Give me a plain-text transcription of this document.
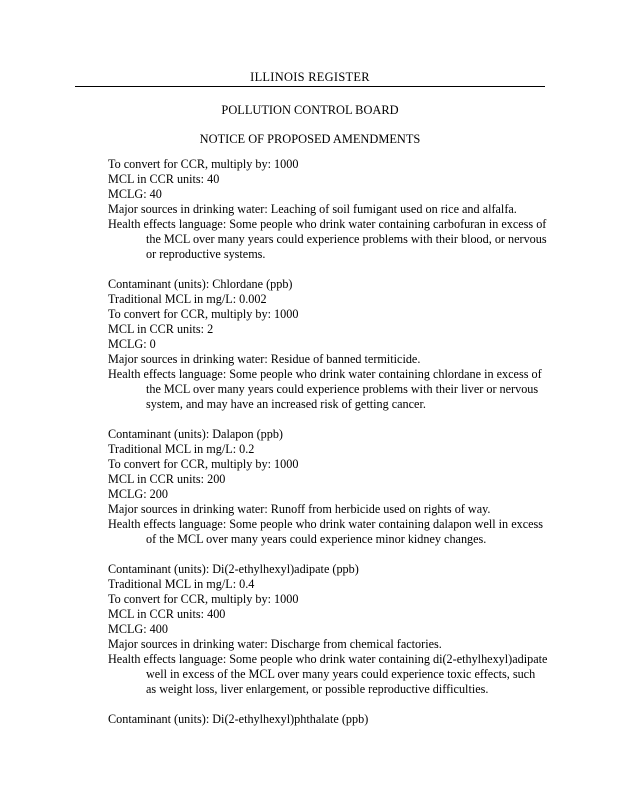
ILLINOIS REGISTER
POLLUTION CONTROL BOARD
NOTICE OF PROPOSED AMENDMENTS

To convert for CCR, multiply by: 1000

MCL in CCR units: 40

MCLG: 40

Major sources in drinking water: Leaching of soil fumigant used on rice and alfalfa.

Health effects language: Some people who drink water containing carbofuran in excess of the MCL over many years could experience problems with their blood, or nervous or reproductive systems.

Contaminant (units): Chlordane (ppb)

Traditional MCL in mg/L: 0.002

To convert for CCR, multiply by: 1000

MCL in CCR units: 2

MCLG: 0

Major sources in drinking water: Residue of banned termiticide.

Health effects language: Some people who drink water containing chlordane in excess of the MCL over many years could experience problems with their liver or nervous system, and may have an increased risk of getting cancer.

Contaminant (units): Dalapon (ppb)

Traditional MCL in mg/L: 0.2

To convert for CCR, multiply by: 1000

MCL in CCR units: 200

MCLG: 200

Major sources in drinking water: Runoff from herbicide used on rights of way.

Health effects language: Some people who drink water containing dalapon well in excess of the MCL over many years could experience minor kidney changes.

Contaminant (units): Di(2-ethylhexyl)adipate (ppb)

Traditional MCL in mg/L: 0.4

To convert for CCR, multiply by: 1000

MCL in CCR units: 400

MCLG: 400

Major sources in drinking water: Discharge from chemical factories.

Health effects language: Some people who drink water containing di(2-ethylhexyl)adipate well in excess of the MCL over many years could experience toxic effects, such as weight loss, liver enlargement, or possible reproductive difficulties.

Contaminant (units): Di(2-ethylhexyl)phthalate (ppb)
